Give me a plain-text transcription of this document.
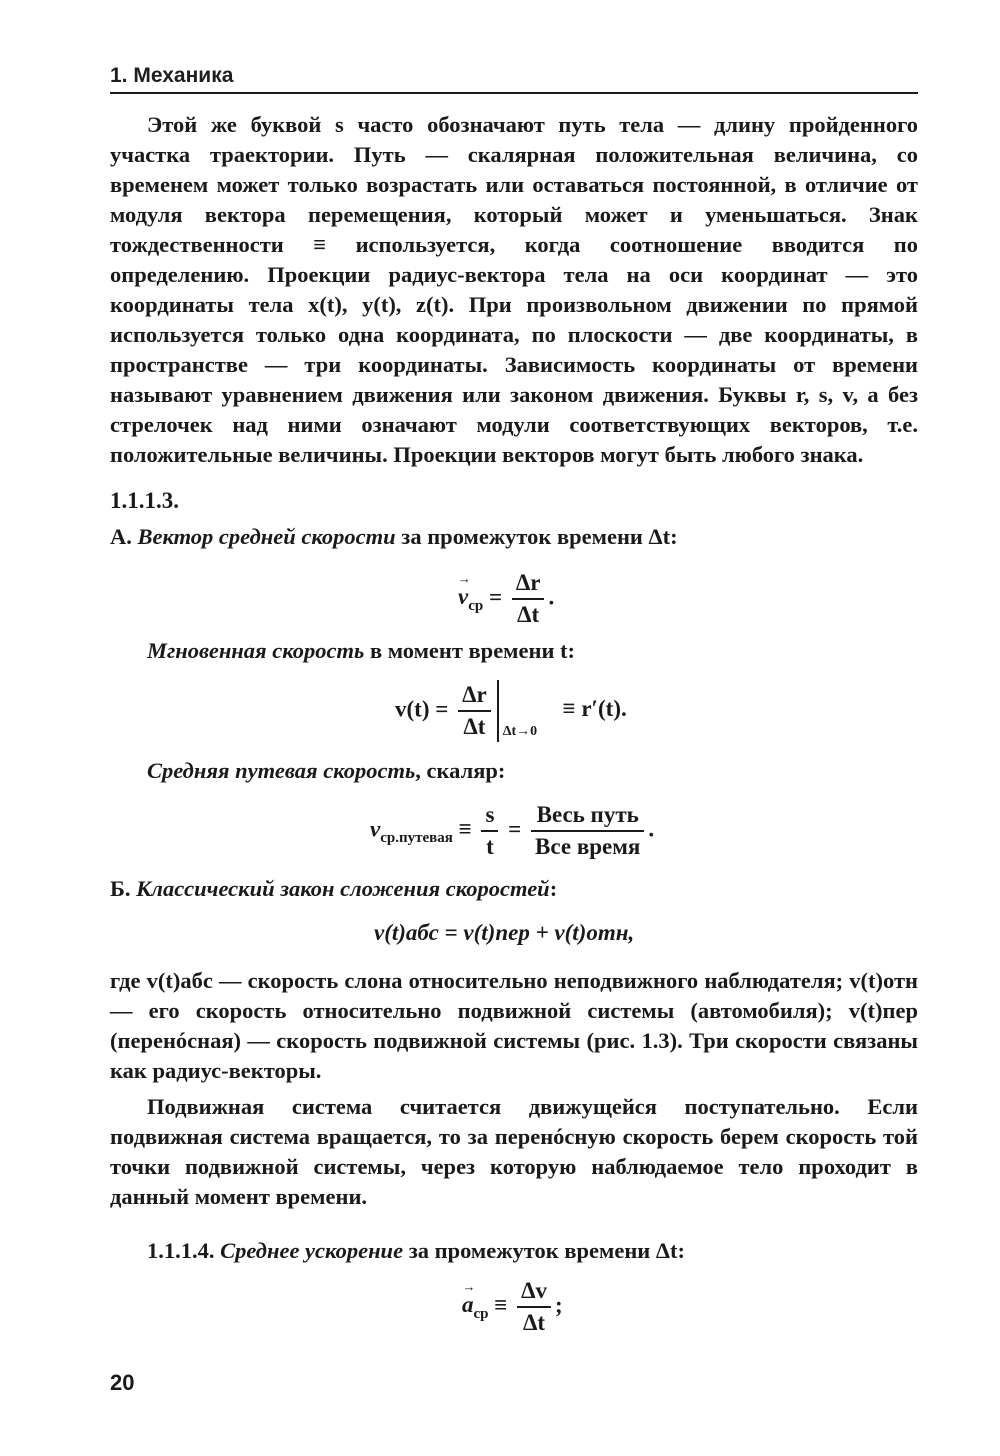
1. Механика

Этой же буквой s часто обозначают путь тела — длину пройденного участка траектории. Путь — скалярная положительная величина, со временем может только возрастать или оставаться постоянной, в отличие от модуля вектора перемещения, который может и уменьшаться. Знак тождественности ≡ используется, когда соотношение вводится по определению. Проекции радиус-вектора тела на оси координат — это координаты тела x(t), y(t), z(t). При произвольном движении по прямой используется только одна координата, по плоскости — две координаты, в пространстве — три координаты. Зависимость координаты от времени называют уравнением движения или законом движения. Буквы r, s, v, a без стрелочек над ними означают модули соответствующих векторов, т.е. положительные величины. Проекции векторов могут быть любого знака.

1.1.1.3.
А. Вектор средней скорости за промежуток времени Δt:
→ $v_{ср} = \frac{\Delta r}{\Delta t}$ .
Мгновенная скорость в момент времени t:
$v(t) = \frac{\Delta r}{\Delta t} \Delta t\to 0$
≡ r′(t).
Средняя путевая скорость, скаляр:
$v_{ср.путевая} \equiv \frac{s}{t} = \frac{\text{Весь путь}}{\text{Все время}}$ .
Б. Классический закон сложения скоростей:
v(t)абс = v(t)пер + v(t)отн,

где v(t)абс — скорость слона относительно неподвижного наблюдателя; v(t)отн — его скорость относительно подвижной системы (автомобиля); v(t)пер (перенóсная) — скорость подвижной системы (рис. 1.3). Три скорости связаны как радиус-векторы.

Подвижная система считается движущейся поступательно. Если подвижная система вращается, то за перенóсную скорость берем скорость той точки подвижной системы, через которую наблюдаемое тело проходит в данный момент времени.

1.1.1.4. Среднее ускорение за промежуток времени Δt:
→ $a_{ср} \equiv \frac{\Delta v}{\Delta t}$ ;
20
